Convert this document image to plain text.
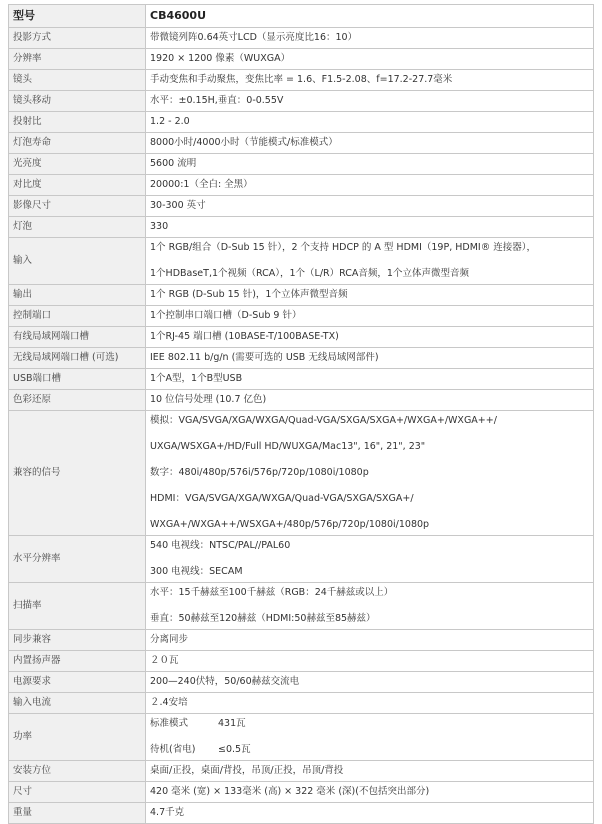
型号	CB4600U
投影方式	带微镜列阵0.64英寸LCD（显示亮度比16：10）
分辨率	1920 × 1200 像素（WUXGA）
镜头	手动变焦和手动聚焦，变焦比率 = 1.6、F1.5-2.08、f=17.2-27.7毫米
镜头移动	水平：±0.15H,垂直：0-0.55V
投射比	1.2 - 2.0
灯泡寿命	8000小时/4000小时（节能模式/标准模式）
光亮度	5600 流明
对比度	20000:1（全白: 全黑）
影像尺寸	30-300 英寸
灯泡	330
输入	1个 RGB/组合（D-Sub 15 针），2 个支持 HDCP 的 A 型 HDMI（19P, HDMI® 连接器），
1个HDBaseT,1个视频（RCA），1个（L/R）RCA音频，1个立体声微型音频

输出	1个 RGB (D-Sub 15 针)，1个立体声微型音频
控制端口	1个控制串口端口槽（D-Sub 9 针）
有线局域网端口槽	1个RJ-45 端口槽 (10BASE-T/100BASE-TX)
无线局域网端口槽 (可选)	IEE 802.11 b/g/n (需要可选的 USB 无线局域网部件)
USB端口槽	1个A型，1个B型USB
色彩还原	10 位信号处理 (10.7 亿色)
兼容的信号	模拟：VGA/SVGA/XGA/WXGA/Quad-VGA/SXGA/SXGA+/WXGA+/WXGA++/
UXGA/WSXGA+/HD/Full HD/WUXGA/Mac13", 16", 21", 23"
数字：480i/480p/576i/576p/720p/1080i/1080p
HDMI：VGA/SVGA/XGA/WXGA/Quad-VGA/SXGA/SXGA+/
WXGA+/WXGA++/WSXGA+/480p/576p/720p/1080i/1080p

水平分辨率	540 电视线：NTSC/PAL//PAL60
300 电视线：SECAM

扫描率	水平：15千赫兹至100千赫兹（RGB：24千赫兹或以上）
垂直：50赫兹至120赫兹（HDMI:50赫兹至85赫兹）

同步兼容	分离同步
内置扬声器	２０瓦
电源要求	200—240伏特，50/60赫兹交流电
输入电流	２.4安培
功率	标准模式 431瓦
待机(省电) ≤0.5瓦

安装方位	桌面/正投，桌面/背投，吊顶/正投，吊顶/背投
尺寸	420 毫米 (宽) × 133毫米 (高) × 322 毫米 (深)(不包括突出部分)
重量	4.7千克
